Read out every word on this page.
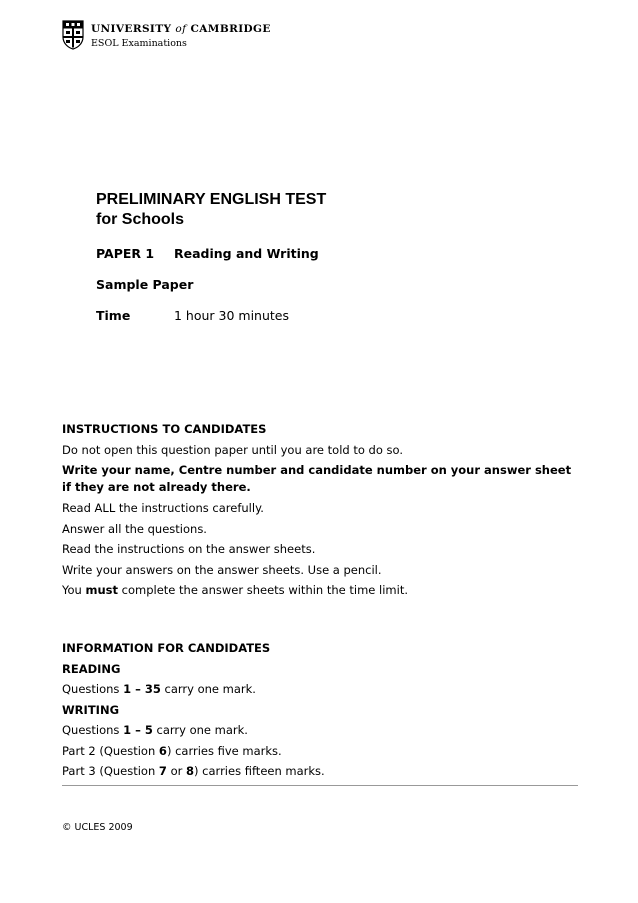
UNIVERSITY of CAMBRIDGE
ESOL Examinations
PRELIMINARY ENGLISH TEST
for Schools
PAPER 1 Reading and Writing
Sample Paper
Time	1 hour 30 minutes
INSTRUCTIONS TO CANDIDATES
Do not open this question paper until you are told to do so.
Write your name, Centre number and candidate number on your answer sheet if they are not already there.
Read ALL the instructions carefully.
Answer all the questions.
Read the instructions on the answer sheets.
Write your answers on the answer sheets. Use a pencil.
You must complete the answer sheets within the time limit.
INFORMATION FOR CANDIDATES
READING
Questions 1 – 35 carry one mark.
WRITING
Questions 1 – 5 carry one mark.
Part 2 (Question 6) carries five marks.
Part 3 (Question 7 or 8) carries fifteen marks.
© UCLES 2009
